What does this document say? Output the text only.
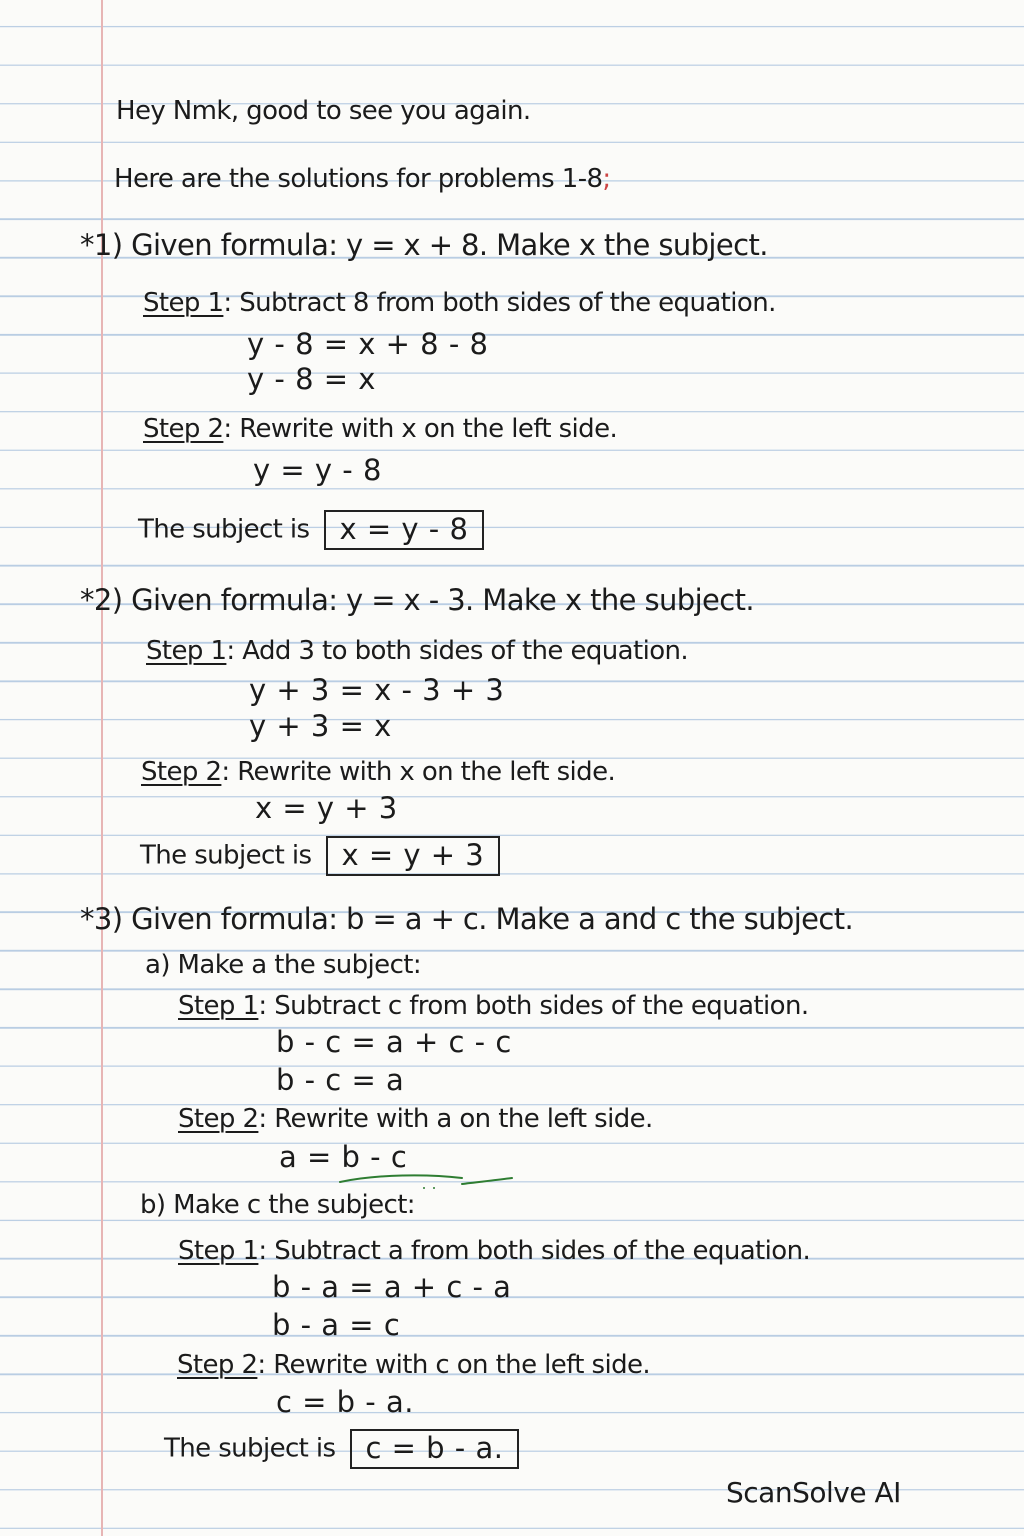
Hey Nmk, good to see you again.
Here are the solutions for problems 1-8;
*1) Given formula: y = x + 8. Make x the subject.
Step 1: Subtract 8 from both sides of the equation.
y - 8 = x + 8 - 8
y - 8 = x
Step 2: Rewrite with x on the left side.
y = y - 8
The subject is x = y - 8
*2) Given formula: y = x - 3. Make x the subject.
Step 1: Add 3 to both sides of the equation.
y + 3 = x - 3 + 3
y + 3 = x
Step 2: Rewrite with x on the left side.
x = y + 3
The subject is x = y + 3
*3) Given formula: b = a + c. Make a and c the subject.
a) Make a the subject:
Step 1: Subtract c from both sides of the equation.
b - c = a + c - c
b - c = a
Step 2: Rewrite with a on the left side.
a = b - c
b) Make c the subject:
Step 1: Subtract a from both sides of the equation.
b - a = a + c - a
b - a = c
Step 2: Rewrite with c on the left side.
c = b - a.
The subject is c = b - a.
ScanSolve AI
